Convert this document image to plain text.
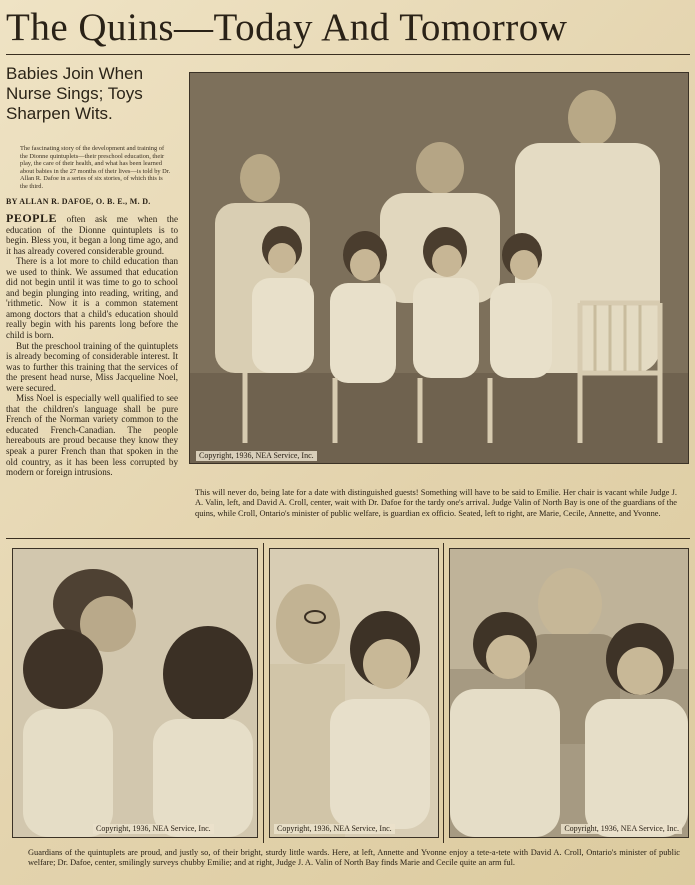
The Quins—Today And Tomorrow
Babies Join When Nurse Sings; Toys Sharpen Wits.
The fascinating story of the development and training of the Dionne quintuplets—their preschool education, their play, the care of their health, and what has been learned about babies in the 27 months of their lives—is told by Dr. Allan R. Dafoe in a series of six stories, of which this is the third.
BY ALLAN R. DAFOE, O. B. E., M. D.

PEOPLE often ask me when the education of the Dionne quintuplets is to begin. Bless you, it began a long time ago, and it has already covered considerable ground.

There is a lot more to child education than we used to think. We assumed that education did not begin until it was time to go to school and begin plunging into reading, writing, and 'rithmetic. Now it is a common statement among doctors that a child's education should really begin with his parents long before the child is born.

But the preschool training of the quintuplets is already becoming of considerable interest. It was to further this training that the services of the present head nurse, Miss Jacqueline Noel, were secured.

Miss Noel is especially well qualified to see that the children's language shall be pure French of the Norman variety common to the educated French-Canadian. The people hereabouts are proud because they know they speak a purer French than that spoken in the old country, as it has been less corrupted by modern or foreign intrusions.

Copyright, 1936, NEA Service, Inc.
This will never do, being late for a date with distinguished guests! Something will have to be said to Emilie. Her chair is vacant while Judge J. A. Valin, left, and David A. Croll, center, wait with Dr. Dafoe for the tardy one's arrival. Judge Valin of North Bay is one of the guardians of the quins, while Croll, Ontario's minister of public welfare, is guardian ex officio. Seated, left to right, are Marie, Cecile, Annette, and Yvonne.
Copyright, 1936, NEA Service, Inc.	Copyright, 1936, NEA Service, Inc.	Copyright, 1936, NEA Service, Inc.
Guardians of the quintuplets are proud, and justly so, of their bright, sturdy little wards. Here, at left, Annette and Yvonne enjoy a tete-a-tete with David A. Croll, Ontario's minister of public welfare; Dr. Dafoe, center, smilingly surveys chubby Emilie; and at right, Judge J. A. Valin of North Bay finds Marie and Cecile quite an arm ful.
